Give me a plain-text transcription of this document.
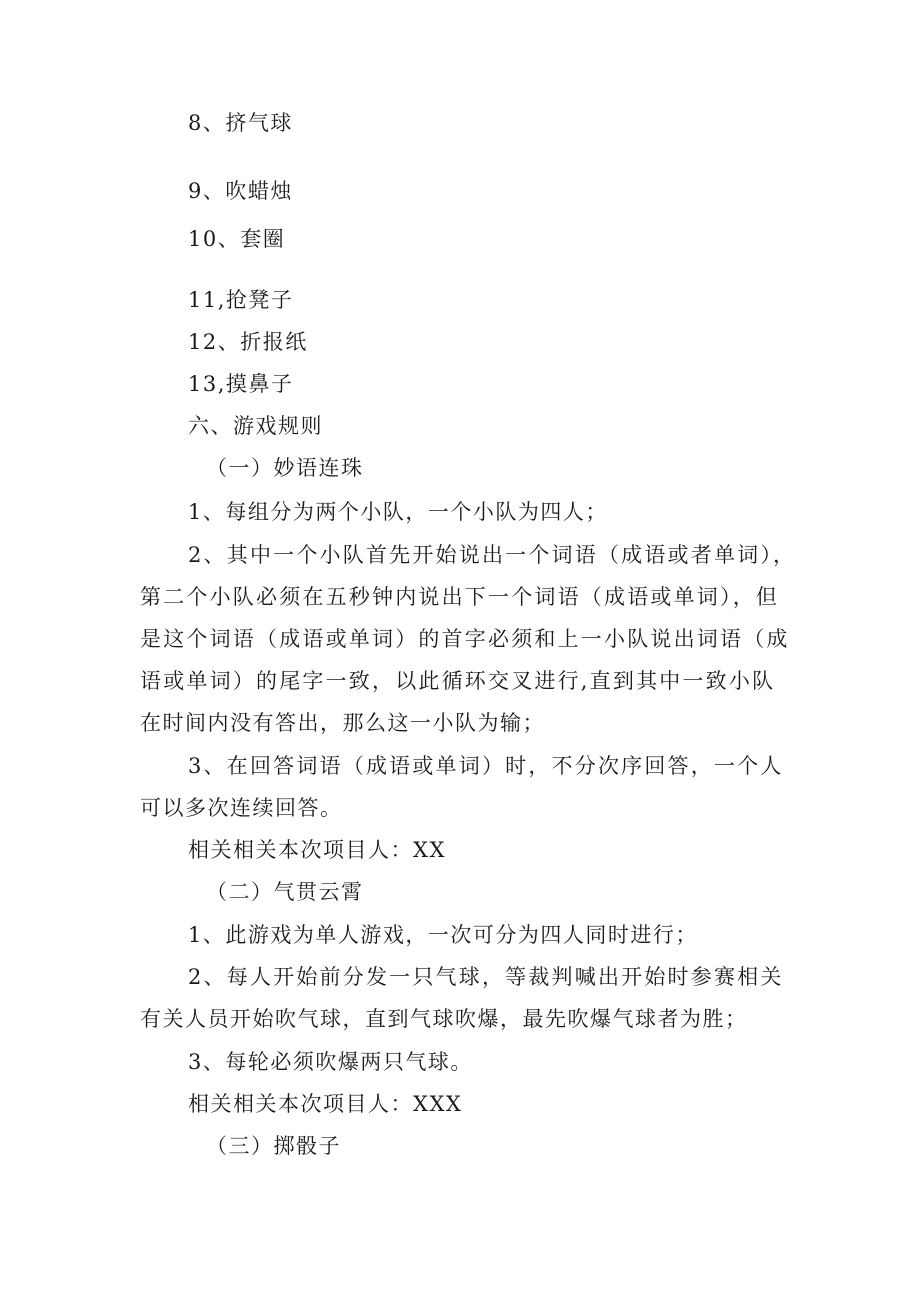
8、挤气球
9、吹蜡烛
10、套圈
11,抢凳子
12、折报纸
13,摸鼻子
六、游戏规则
（一）妙语连珠
1、每组分为两个小队，一个小队为四人；
2、其中一个小队首先开始说出一个词语（成语或者单词），
第二个小队必须在五秒钟内说出下一个词语（成语或单词），但
是这个词语（成语或单词）的首字必须和上一小队说出词语（成
语或单词）的尾字一致，以此循环交叉进行,直到其中一致小队
在时间内没有答出，那么这一小队为输；
3、在回答词语（成语或单词）时，不分次序回答，一个人
可以多次连续回答。
相关相关本次项目人：XX
（二）气贯云霄
1、此游戏为单人游戏，一次可分为四人同时进行；
2、每人开始前分发一只气球，等裁判喊出开始时参赛相关
有关人员开始吹气球，直到气球吹爆，最先吹爆气球者为胜；
3、每轮必须吹爆两只气球。
相关相关本次项目人：XXX
（三）掷骰子
